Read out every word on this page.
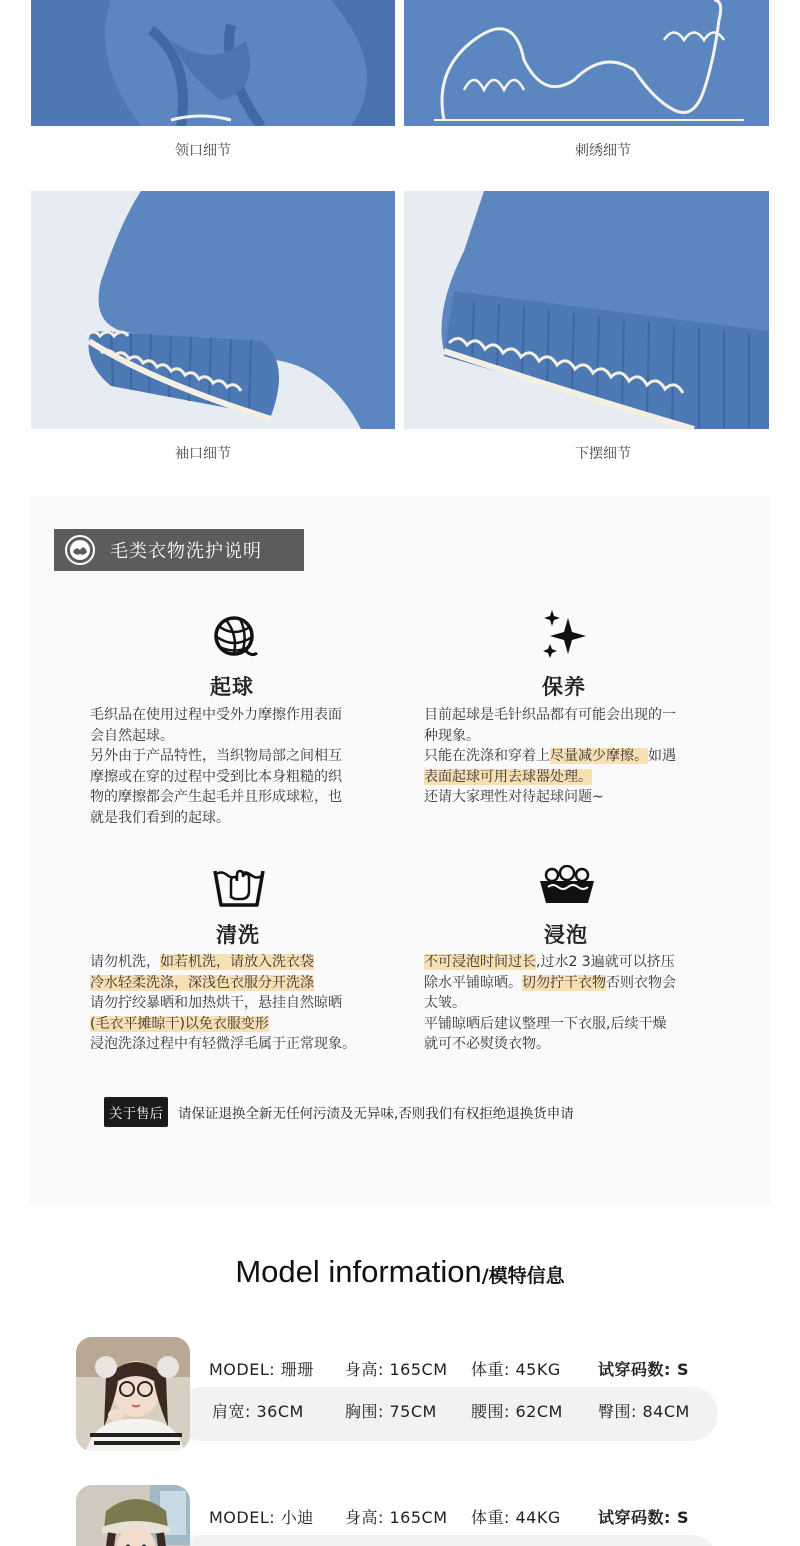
领口细节	刺绣细节
袖口细节	下摆细节
毛类衣物洗护说明
起球

毛织品在使用过程中受外力摩擦作用表面

会自然起球。

另外由于产品特性，当织物局部之间相互

摩擦或在穿的过程中受到比本身粗糙的织

物的摩擦都会产生起毛并且形成球粒，也

就是我们看到的起球。

保养

目前起球是毛针织品都有可能会出现的一

种现象。

只能在洗涤和穿着上尽量减少摩擦。如遇

表面起球可用去球器处理。

还请大家理性对待起球问题~

清洗

请勿机洗，如若机洗，请放入洗衣袋

冷水轻柔洗涤，深浅色衣服分开洗涤

请勿拧绞暴晒和加热烘干，悬挂自然晾晒

(毛衣平摊晾干)以免衣服变形

浸泡洗涤过程中有轻微浮毛属于正常现象。

浸泡

不可浸泡时间过长,过水2 3遍就可以挤压

除水平铺晾晒。切勿拧干衣物否则衣物会

太皱。

平铺晾晒后建议整理一下衣服,后续干燥

就可不必熨烫衣物。

关于售后	请保证退换全新无任何污渍及无异味,否则我们有权拒绝退换货申请
Model information/模特信息
MODEL: 珊珊 身高: 165CM 体重: 45KG 试穿码数: S
肩宽: 36CM	胸围: 75CM 腰围: 62CM 臀围: 84CM
MODEL: 小迪 身高: 165CM 体重: 44KG 试穿码数: S
